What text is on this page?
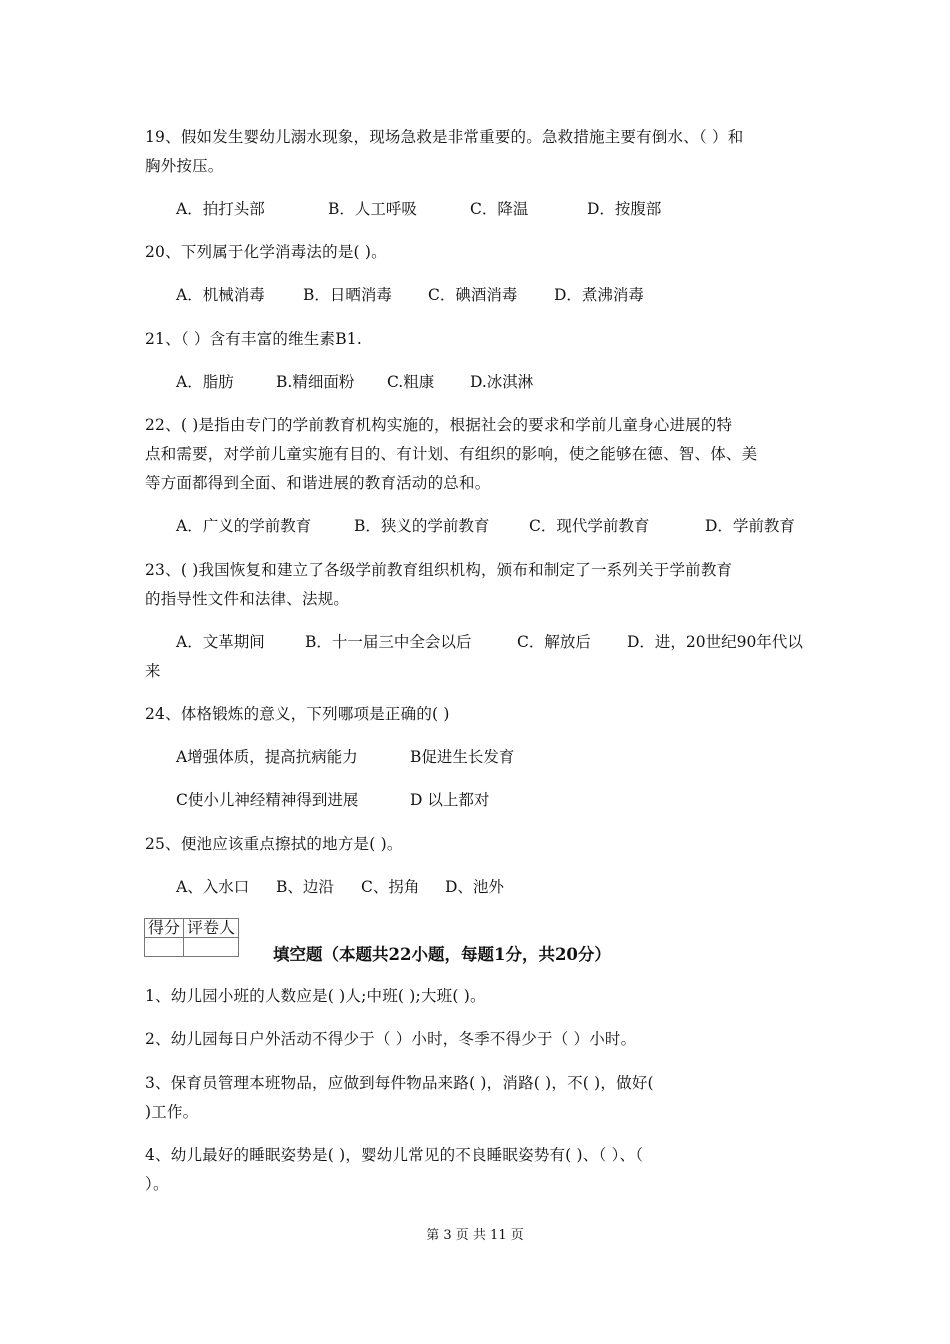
19、假如发生婴幼儿溺水现象，现场急救是非常重要的。急救措施主要有倒水、（ ）和
胸外按压。
A．拍打头部	B．人工呼吸	C．降温	D．按腹部
20、下列属于化学消毒法的是( )。
A．机械消毒 B．日晒消毒 C．碘酒消毒 D．煮沸消毒
21、（ ）含有丰富的维生素B1.
A．脂肪	B.精细面粉 C.粗康 D.冰淇淋
22、( )是指由专门的学前教育机构实施的，根据社会的要求和学前儿童身心进展的特
点和需要，对学前儿童实施有目的、有计划、有组织的影响，使之能够在德、智、体、美
等方面都得到全面、和谐进展的教育活动的总和。
A．广义的学前教育	B．狭义的学前教育	C．现代学前教育	D．学前教育
23、( )我国恢复和建立了各级学前教育组织机构，颁布和制定了一系列关于学前教育
的指导性文件和法律、法规。
A．文革期间	B．十一届三中全会以后	C．解放后 D．进，20世纪90年代以
来
24、体格锻炼的意义，下列哪项是正确的( )
A增强体质，提高抗病能力	B促进生长发育
C使小儿神经精神得到进展	D 以上都对
25、便池应该重点擦拭的地方是( )。
A、入水口 B、边沿 C、拐角 D、池外
得分	评卷人

填空题（本题共22小题，每题1分，共20分）
1、幼儿园小班的人数应是( )人;中班( );大班( )。
2、幼儿园每日户外活动不得少于（ ）小时，冬季不得少于（ ）小时。
3、保育员管理本班物品，应做到每件物品来路( )，消路( )，不( )，做好(
)工作。
4、幼儿最好的睡眠姿势是( )，婴幼儿常见的不良睡眠姿势有( )、（ ）、（
）。
第 3 页 共 11 页
